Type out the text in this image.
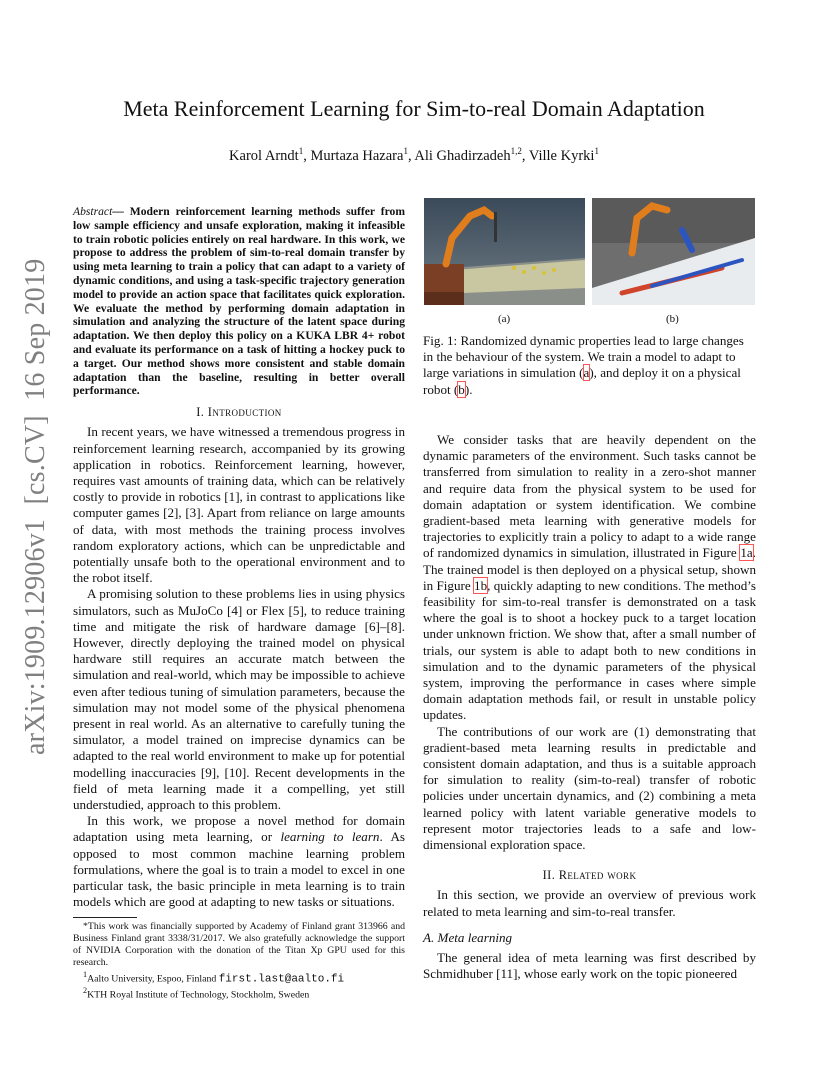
Meta Reinforcement Learning for Sim-to-real Domain Adaptation
Karol Arndt$^1$, Murtaza Hazara$^1$, Ali Ghadirzadeh$^{1,2}$, Ville Kyrki$^1$
arXiv:1909.12906v1  [cs.CV]  16 Sep 2019
Abstract— Modern reinforcement learning methods suffer from low sample efficiency and unsafe exploration, making it infeasible to train robotic policies entirely on real hardware. In this work, we propose to address the problem of sim-to-real domain transfer by using meta learning to train a policy that can adapt to a variety of dynamic conditions, and using a task-specific trajectory generation model to provide an action space that facilitates quick exploration. We evaluate the method by performing domain adaptation in simulation and analyzing the structure of the latent space during adaptation. We then deploy this policy on a KUKA LBR 4+ robot and evaluate its performance on a task of hitting a hockey puck to a target. Our method shows more consistent and stable domain adaptation than the baseline, resulting in better overall performance.
I. Introduction

In recent years, we have witnessed a tremendous progress in reinforcement learning research, accompanied by its growing application in robotics. Reinforcement learning, however, requires vast amounts of training data, which can be relatively costly to provide in robotics [1], in contrast to applications like computer games [2], [3]. Apart from reliance on large amounts of data, with most methods the training process involves random exploratory actions, which can be unpredictable and potentially unsafe both to the operational environment and to the robot itself.

A promising solution to these problems lies in using physics simulators, such as MuJoCo [4] or Flex [5], to reduce training time and mitigate the risk of hardware damage [6]–[8]. However, directly deploying the trained model on physical hardware still requires an accurate match between the simulation and real-world, which may be impossible to achieve even after tedious tuning of simulation parameters, because the simulation may not model some of the physical phenomena present in real world. As an alternative to carefully tuning the simulator, a model trained on imprecise dynamics can be adapted to the real world environment to make up for potential modelling inaccuracies [9], [10]. Recent developments in the field of meta learning made it a compelling, yet still understudied, approach to this problem.

In this work, we propose a novel method for domain adaptation using meta learning, or learning to learn. As opposed to most common machine learning problem formulations, where the goal is to train a model to excel in one particular task, the basic principle in meta learning is to train models which are good at adapting to new tasks or situations.

*This work was financially supported by Academy of Finland grant 313966 and Business Finland grant 3338/31/2017. We also gratefully acknowledge the support of NVIDIA Corporation with the donation of the Titan Xp GPU used for this research.

$^1$Aalto University, Espoo, Finland first.last@aalto.fi

$^2$KTH Royal Institute of Technology, Stockholm, Sweden

(a)	(b)
Fig. 1: Randomized dynamic properties lead to large changes in the behaviour of the system. We train a model to adapt to large variations in simulation (a), and deploy it on a physical robot (b).

We consider tasks that are heavily dependent on the dynamic parameters of the environment. Such tasks cannot be transferred from simulation to reality in a zero-shot manner and require data from the physical system to be used for domain adaptation or system identification. We combine gradient-based meta learning with generative models for trajectories to explicitly train a policy to adapt to a wide range of randomized dynamics in simulation, illustrated in Figure 1a. The trained model is then deployed on a physical setup, shown in Figure 1b, quickly adapting to new conditions. The method’s feasibility for sim-to-real transfer is demonstrated on a task where the goal is to shoot a hockey puck to a target location under unknown friction. We show that, after a small number of trials, our system is able to adapt both to new conditions in simulation and to the dynamic parameters of the physical system, improving the performance in cases where simple domain adaptation methods fail, or result in unstable policy updates.

The contributions of our work are (1) demonstrating that gradient-based meta learning results in predictable and consistent domain adaptation, and thus is a suitable approach for simulation to reality (sim-to-real) transfer of robotic policies under uncertain dynamics, and (2) combining a meta learned policy with latent variable generative models to represent motor trajectories leads to a safe and low-dimensional exploration space.

II. Related work

In this section, we provide an overview of previous work related to meta learning and sim-to-real transfer.

A. Meta learning

The general idea of meta learning was first described by Schmidhuber [11], whose early work on the topic pioneered
